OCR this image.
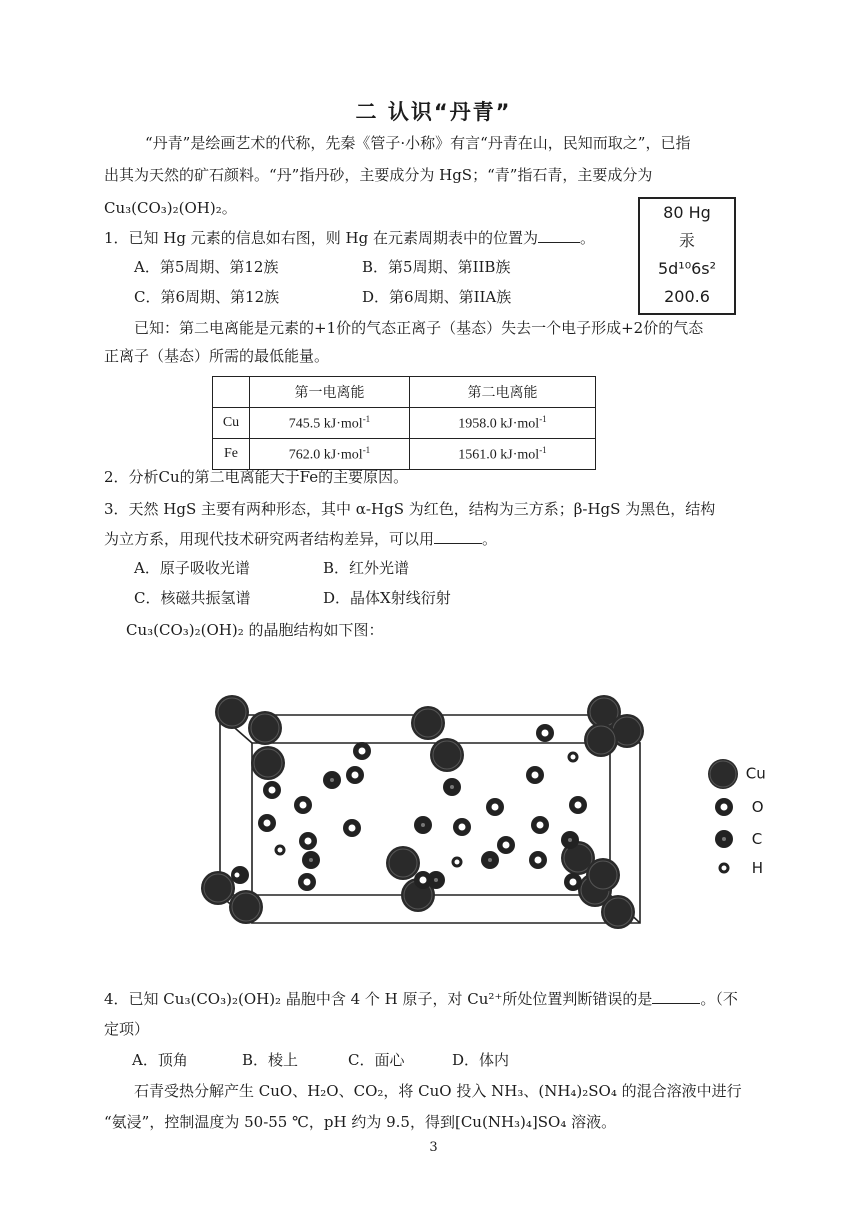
二 认识“丹青”
“丹青”是绘画艺术的代称，先秦《管子·小称》有言“丹青在山，民知而取之”，已指
出其为天然的矿石颜料。“丹”指丹砂，主要成分为 HgS；“青”指石青，主要成分为
Cu₃(CO₃)₂(OH)₂。	80 Hg
汞
5d¹⁰6s²
200.6
1．已知 Hg 元素的信息如右图，则 Hg 在元素周期表中的位置为	。
A．第5周期、第12族	B．第5周期、第IIB族
C．第6周期、第12族	D．第6周期、第IIA族
已知：第二电离能是元素的+1价的气态正离子（基态）失去一个电子形成+2价的气态
正离子（基态）所需的最低能量。
	第一电离能	第二电离能
Cu	745.5 kJ·mol$^{-1}$	1958.0 kJ·mol$^{-1}$
Fe	762.0 kJ·mol$^{-1}$	1561.0 kJ·mol$^{-1}$
2．分析Cu的第二电离能大于Fe的主要原因。
3．天然 HgS 主要有两种形态，其中 α-HgS 为红色，结构为三方系；β-HgS 为黑色，结构
为立方系，用现代技术研究两者结构差异，可以用	。
A．原子吸收光谱	B．红外光谱
C．核磁共振氢谱	D．晶体X射线衍射
Cu₃(CO₃)₂(OH)₂ 的晶胞结构如下图：
Cu
O
C
H
4．已知 Cu₃(CO₃)₂(OH)₂ 晶胞中含 4 个 H 原子，对 Cu²⁺所处位置判断错误的是	。（不
定项）
A．顶角	B．棱上	C．面心	D．体内
石青受热分解产生 CuO、H₂O、CO₂，将 CuO 投入 NH₃、(NH₄)₂SO₄ 的混合溶液中进行
“氨浸”，控制温度为 50-55 ℃，pH 约为 9.5，得到[Cu(NH₃)₄]SO₄ 溶液。
3
